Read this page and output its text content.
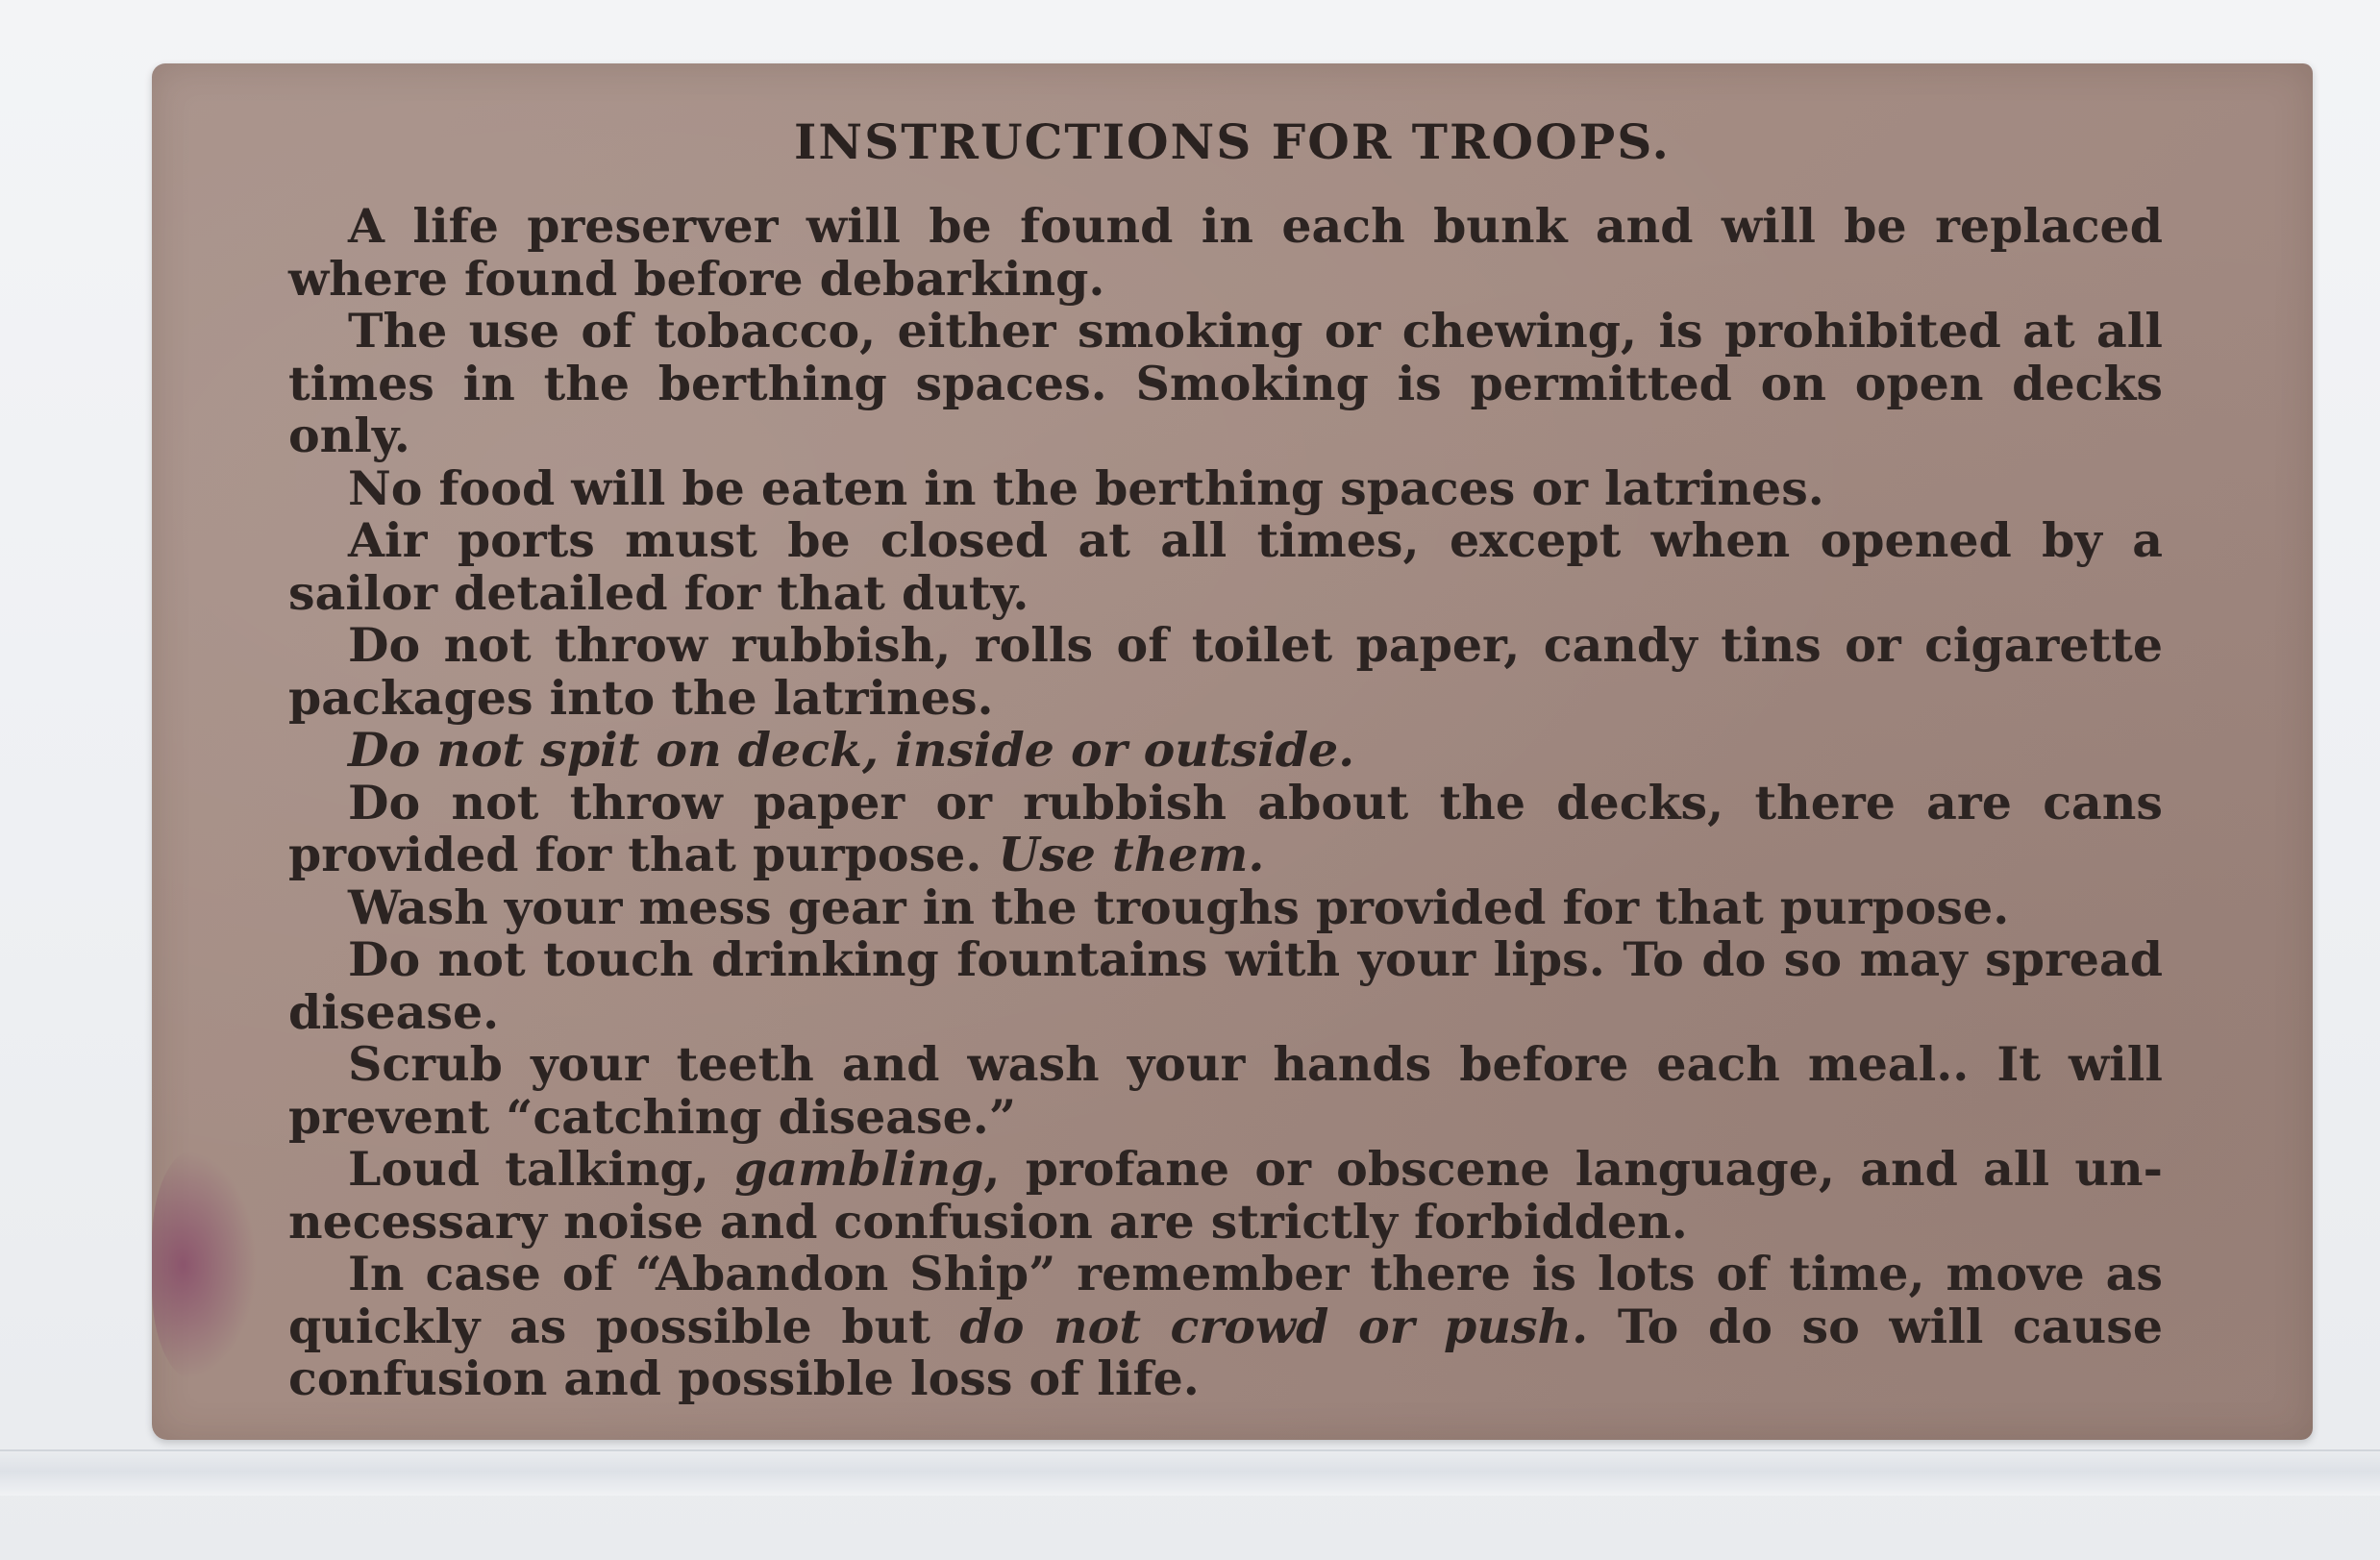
INSTRUCTIONS FOR TROOPS.

A life preserver will be found in each bunk and will be replaced where found before debarking.

The use of tobacco, either smoking or chewing, is prohibited at all times in the berthing spaces. Smoking is permitted on open decks only.

No food will be eaten in the berthing spaces or latrines.

Air ports must be closed at all times, except when opened by a sailor detailed for that duty.

Do not throw rubbish, rolls of toilet paper, candy tins or cigarette packages into the latrines.

Do not spit on deck, inside or outside.

Do not throw paper or rubbish about the decks, there are cans provided for that purpose. Use them.

Wash your mess gear in the troughs provided for that purpose.

Do not touch drinking fountains with your lips. To do so may spread disease.

Scrub your teeth and wash your hands before each meal.. It will prevent “catching disease.”

Loud talking, gambling, profane or obscene language, and all un-necessary noise and confusion are strictly forbidden.

In case of “Abandon Ship” remember there is lots of time, move as quickly as possible but do not crowd or push. To do so will cause confusion and possible loss of life.
